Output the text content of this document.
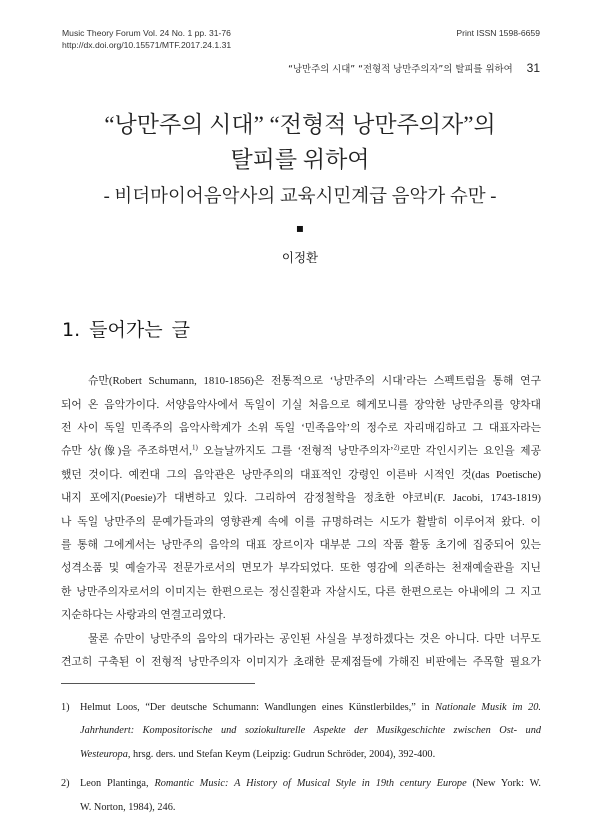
Music Theory Forum Vol. 24 No. 1 pp. 31-76
http://dx.doi.org/10.15571/MTF.2017.24.1.31
Print ISSN 1598-6659
“낭만주의 시대” “전형적 낭만주의자”의 탈피를 위하여 31
“낭만주의 시대” “전형적 낭만주의자”의
탈피를 위하여
- 비더마이어음악사의 교육시민계급 음악가 슈만 -
▪
이정환
1. 들어가는 글
슈만(Robert Schumann, 1810-1856)은 전통적으로 ‘낭만주의 시대’라는 스펙트럼을 통해 연구
되어 온 음악가이다. 서양음악사에서 독일이 기실 처음으로 헤게모니를 장악한 낭만주의를 양차대
전 사이 독일 민족주의 음악사학계가 소위 독일 ‘민족음악’의 정수로 자리매김하고 그 대표자라는
슈만 상(像)을 주조하면서,$^{1)}$ 오늘날까지도 그를 ‘전형적 낭만주의자’$^{2)}$로만 각인시키는 요인을 제공
했던 것이다. 예컨대 그의 음악관은 낭만주의의 대표적인 강령인 이른바 시적인 것(das Poetische)
내지 포에지(Poesie)가 대변하고 있다. 그리하여 감정철학을 정초한 야코비(F. Jacobi, 1743-1819)
나 독일 낭만주의 문예가들과의 영향관계 속에 이를 규명하려는 시도가 활발히 이루어져 왔다. 이
를 통해 그에게서는 낭만주의 음악의 대표 장르이자 대부분 그의 작품 활동 초기에 집중되어 있는
성격소품 및 예술가곡 전문가로서의 면모가 부각되었다. 또한 영감에 의존하는 천재예술관을 지닌
한 낭만주의자로서의 이미지는 한편으로는 정신질환과 자살시도, 다른 한편으로는 아내에의 그 지고
지순하다는 사랑과의 연결고리였다.
물론 슈만이 낭만주의 음악의 대가라는 공인된 사실을 부정하겠다는 것은 아니다. 다만 너무도
견고히 구축된 이 전형적 낭만주의자 이미지가 초래한 문제점들에 가해진 비판에는 주목할 필요가
1) Helmut Loos, “Der deutsche Schumann: Wandlungen eines Künstlerbildes,” in Nationale Musik im 20.
Jahrhundert: Kompositorische und soziokulturelle Aspekte der Musikgeschichte zwischen Ost- und
Westeuropa, hrsg. ders. und Stefan Keym (Leipzig: Gudrun Schröder, 2004), 392-400.
2) Leon Plantinga, Romantic Music: A History of Musical Style in 19th century Europe (New York: W.
W. Norton, 1984), 246.
